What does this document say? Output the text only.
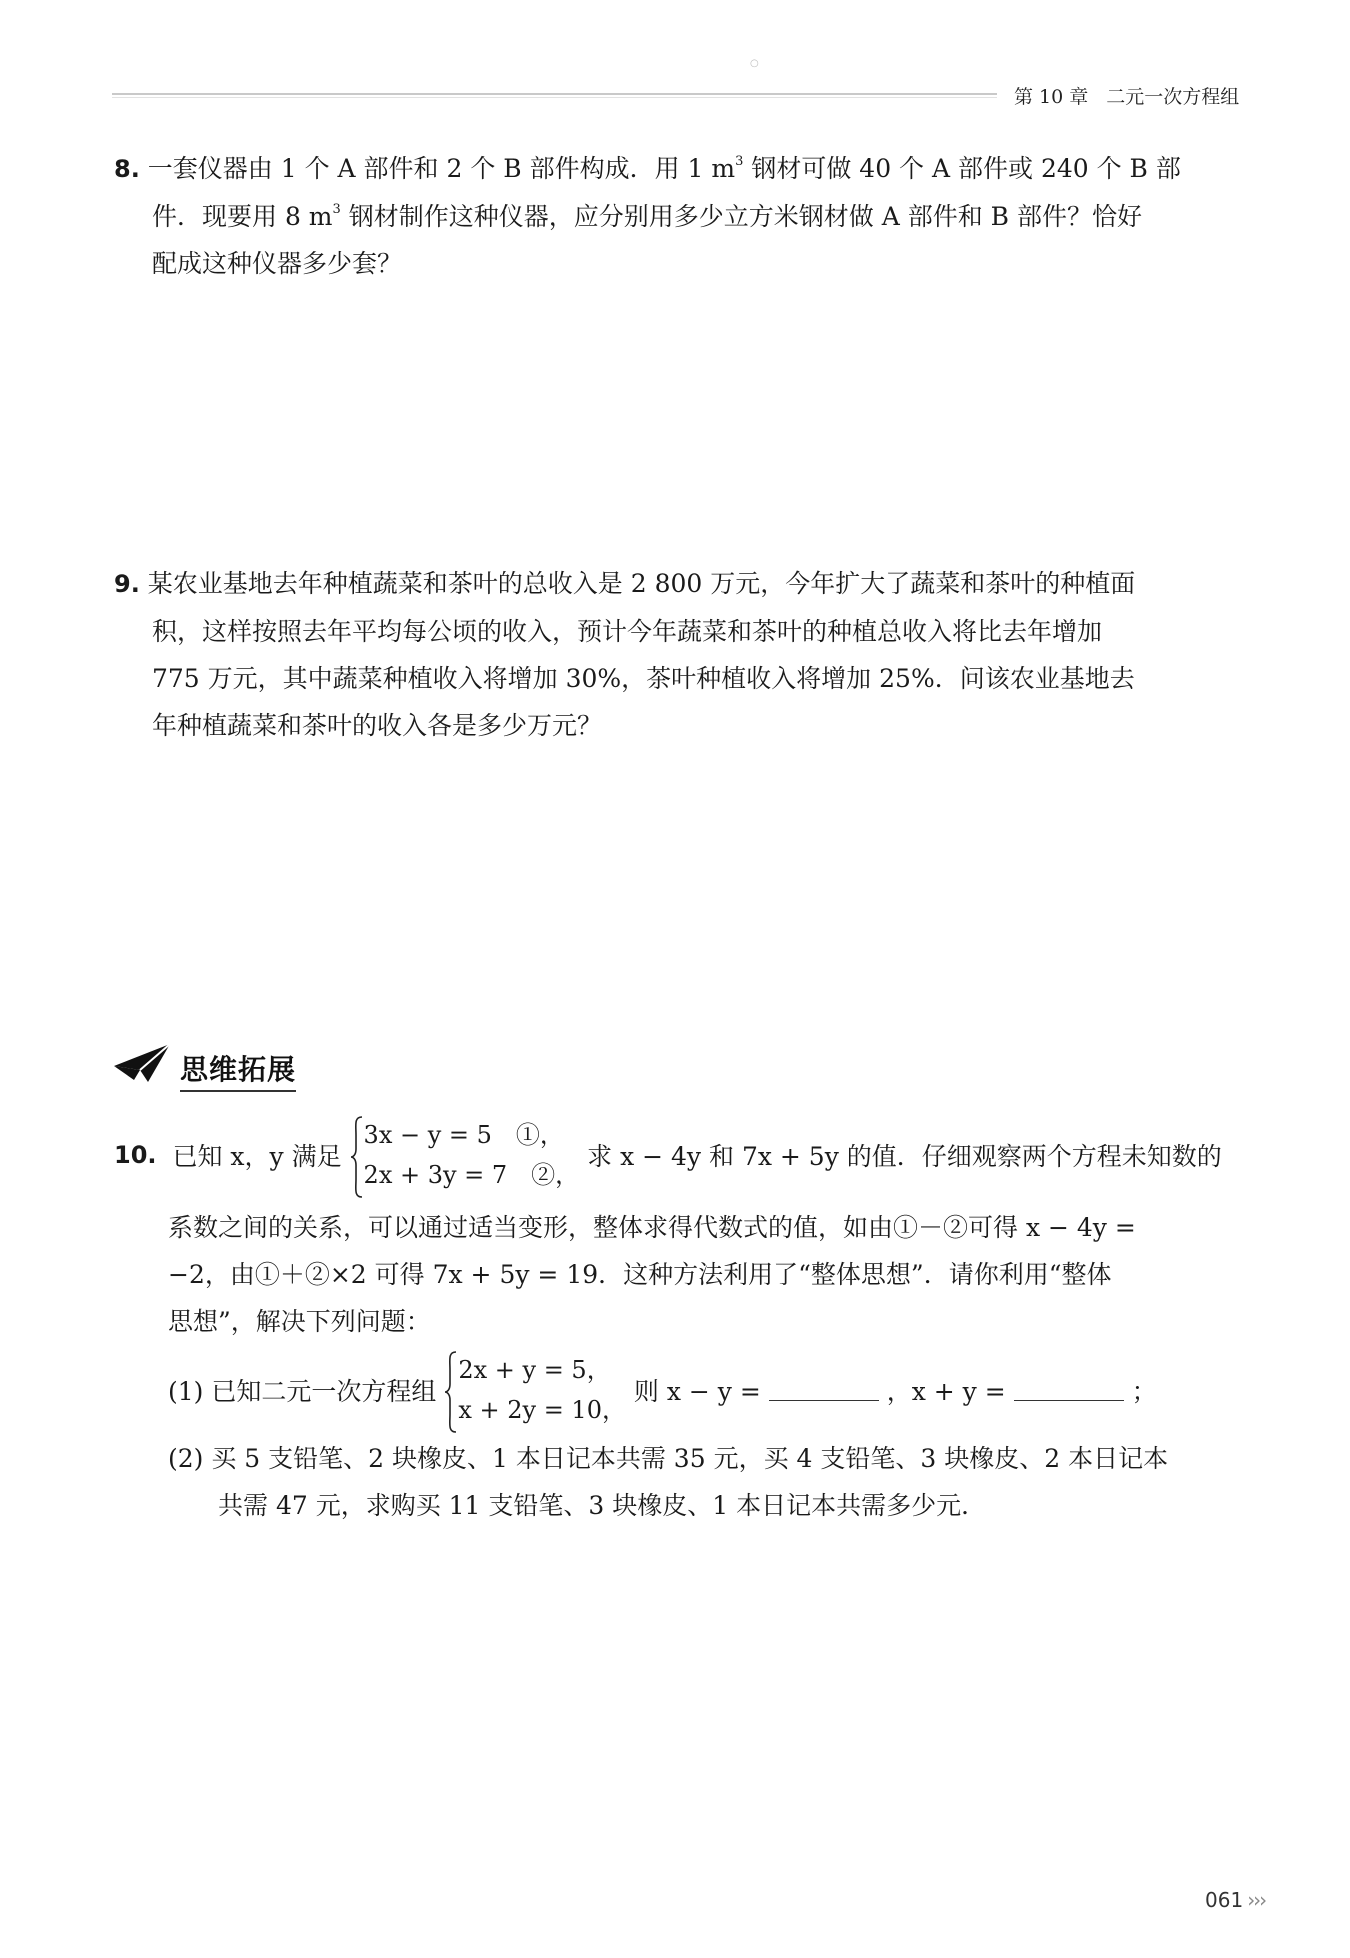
○
第 10 章 二元一次方程组
8. 一套仪器由 1 个 A 部件和 2 个 B 部件构成．用 1 $m^3$ 钢材可做 40 个 A 部件或 240 个 B 部
件．现要用 8 $m^3$ 钢材制作这种仪器，应分别用多少立方米钢材做 A 部件和 B 部件？恰好
配成这种仪器多少套？
9. 某农业基地去年种植蔬菜和茶叶的总收入是 2 800 万元，今年扩大了蔬菜和茶叶的种植面
积，这样按照去年平均每公顷的收入，预计今年蔬菜和茶叶的种植总收入将比去年增加
775 万元，其中蔬菜种植收入将增加 30%，茶叶种植收入将增加 25%．问该农业基地去
年种植蔬菜和茶叶的收入各是多少万元？
思维拓展
10. 已知 x，y 满足
3x − y = 5　①，
2x + 3y = 7　②，
求 x − 4y 和 7x + 5y 的值．仔细观察两个方程未知数的
系数之间的关系，可以通过适当变形，整体求得代数式的值，如由①－②可得 x − 4y =
−2，由①＋②×2 可得 7x + 5y = 19．这种方法利用了“整体思想”．请你利用“整体
思想”，解决下列问题：
(1) 已知二元一次方程组
2x + y = 5，
x + 2y = 10，
则 x − y =	，x + y =	；
(2) 买 5 支铅笔、2 块橡皮、1 本日记本共需 35 元，买 4 支铅笔、3 块橡皮、2 本日记本
共需 47 元，求购买 11 支铅笔、3 块橡皮、1 本日记本共需多少元．
061 ›››
